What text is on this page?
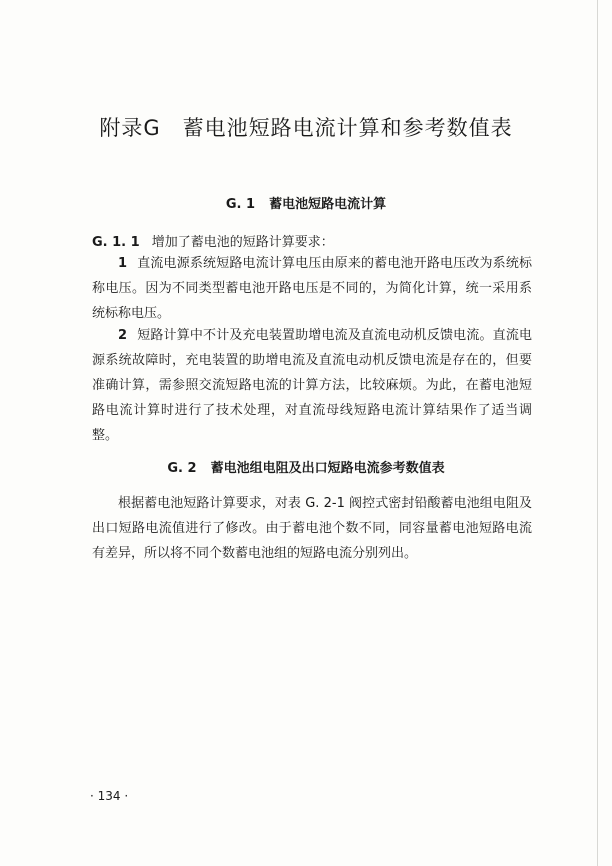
附录G　蓄电池短路电流计算和参考数值表
G. 1 蓄电池短路电流计算
G. 1. 1 增加了蓄电池的短路计算要求：
1 直流电源系统短路电流计算电压由原来的蓄电池开路电压改为系统标称电压。因为不同类型蓄电池开路电压是不同的，为简化计算，统一采用系统标称电压。
2 短路计算中不计及充电装置助增电流及直流电动机反馈电流。直流电源系统故障时，充电装置的助增电流及直流电动机反馈电流是存在的，但要准确计算，需参照交流短路电流的计算方法，比较麻烦。为此，在蓄电池短路电流计算时进行了技术处理，对直流母线短路电流计算结果作了适当调整。
G. 2 蓄电池组电阻及出口短路电流参考数值表
根据蓄电池短路计算要求，对表 G. 2-1 阀控式密封铅酸蓄电池组电阻及出口短路电流值进行了修改。由于蓄电池个数不同，同容量蓄电池短路电流有差异，所以将不同个数蓄电池组的短路电流分别列出。
· 134 ·
